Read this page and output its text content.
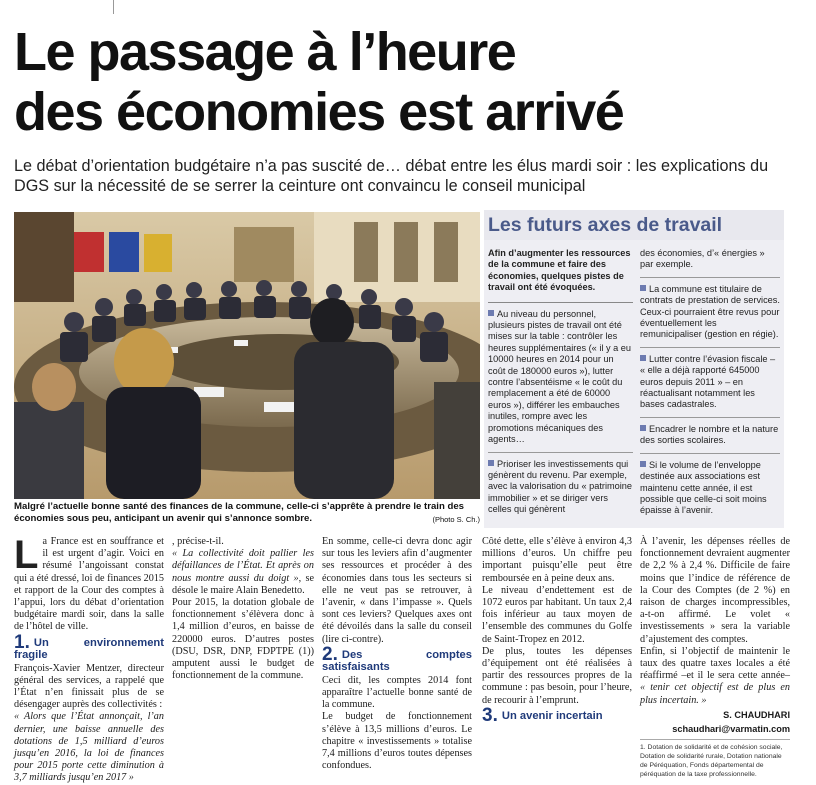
Le passage à l’heure
des économies est arrivé
Le débat d’orientation budgétaire n’a pas suscité de… débat entre les élus mardi soir : les explications du DGS sur la nécessité de se serrer la ceinture ont convaincu le conseil municipal
Malgré l’actuelle bonne santé des finances de la commune, celle-ci s’apprête à prendre le train des économies sous peu, anticipant un avenir qui s’annonce sombre.	(Photo S. Ch.)
Les futurs axes de travail

Afin d’augmenter les ressources de la commune et faire des économies, quelques pistes de travail ont été évoquées.

Au niveau du personnel, plusieurs pistes de travail ont été mises sur la table : contrôler les heures supplémentaires (« il y a eu 10000 heures en 2014 pour un coût de 180000 euros »), lutter contre l’absentéisme « le coût du remplacement a été de 60000 euros »), différer les embauches inutiles, rompre avec les promotions mécaniques des agents…

Prioriser les investissements qui génèrent du revenu. Par exemple, avec la valorisation du « patrimoine immobilier » et se diriger vers celles qui génèrent

des économies, d’« énergies » par exemple.

La commune est titulaire de contrats de prestation de services. Ceux-ci pourraient être revus pour éventuellement les remunicipaliser (gestion en régie).

Lutter contre l’évasion fiscale – « elle a déjà rapporté 645000 euros depuis 2011 » – en réactualisant notamment les bases cadastrales.

Encadrer le nombre et la nature des sorties scolaires.

Si le volume de l’enveloppe destinée aux associations est maintenu cette année, il est possible que celle-ci soit moins épaisse à l’avenir.

La France est en souffrance et il est urgent d’agir. Voici en résumé l’angoissant constat qui a été dressé, loi de finances 2015 et rapport de la Cour des comptes à l’appui, lors du débat d’orientation budgétaire mardi soir, dans la salle de l’hôtel de ville.

1. Un environnement fragile

François-Xavier Mentzer, directeur général des services, a rappelé que l’État n’en finissait plus de se désengager auprès des collectivités :

« Alors que l’État annonçait, l’an dernier, une baisse annuelle des dotations de 1,5 milliard d’euros jusqu’en 2016, la loi de finances pour 2015 porte cette diminution à 3,7 milliards jusqu’en 2017 »

, précise-t-il.

« La collectivité doit pallier les défaillances de l’État. Et après on nous montre aussi du doigt », se désole le maire Alain Benedetto.

Pour 2015, la dotation globale de fonctionnement s’élèvera donc à 1,4 million d’euros, en baisse de 220000 euros. D’autres postes (DSU, DSR, DNP, FDPTPE (1)) amputent aussi le budget de fonctionnement de la commune.

En somme, celle-ci devra donc agir sur tous les leviers afin d’augmenter ses ressources et procéder à des économies dans tous les secteurs si elle ne veut pas se retrouver, à l’avenir, « dans l’impasse ». Quels sont ces leviers? Quelques axes ont été dévoilés dans la salle du conseil (lire ci-contre).

2. Des comptes satisfaisants

Ceci dit, les comptes 2014 font apparaître l’actuelle bonne santé de la commune.

Le budget de fonctionnement s’élève à 13,5 millions d’euros. Le chapitre « investissements » totalise 7,4 millions d’euros toutes dépenses confondues.

Côté dette, elle s’élève à environ 4,3 millions d’euros. Un chiffre peu important puisqu’elle peut être remboursée en à peine deux ans.

Le niveau d’endettement est de 1072 euros par habitant. Un taux 2,4 fois inférieur au taux moyen de l’ensemble des communes du Golfe de Saint-Tropez en 2012.

De plus, toutes les dépenses d’équipement ont été réalisées à partir des ressources propres de la commune : pas besoin, pour l’heure, de recourir à l’emprunt.

3. Un avenir incertain

À l’avenir, les dépenses réelles de fonctionnement devraient augmenter de 2,2 % à 2,4 %. Difficile de faire moins que l’indice de référence de la Cour des Comptes (de 2 %) en raison de charges incompressibles, a-t-on affirmé. Le volet « investissements » sera la variable d’ajustement des comptes.

Enfin, si l’objectif de maintenir le taux des quatre taxes locales a été réaffirmé –et il le sera cette année– « tenir cet objectif est de plus en plus incertain. »

S. CHAUDHARI
schaudhari@varmatin.com
1. Dotation de solidarité et de cohésion sociale, Dotation de solidarité rurale, Dotation nationale de Péréquation, Fonds départemental de péréquation de la taxe professionnelle.
